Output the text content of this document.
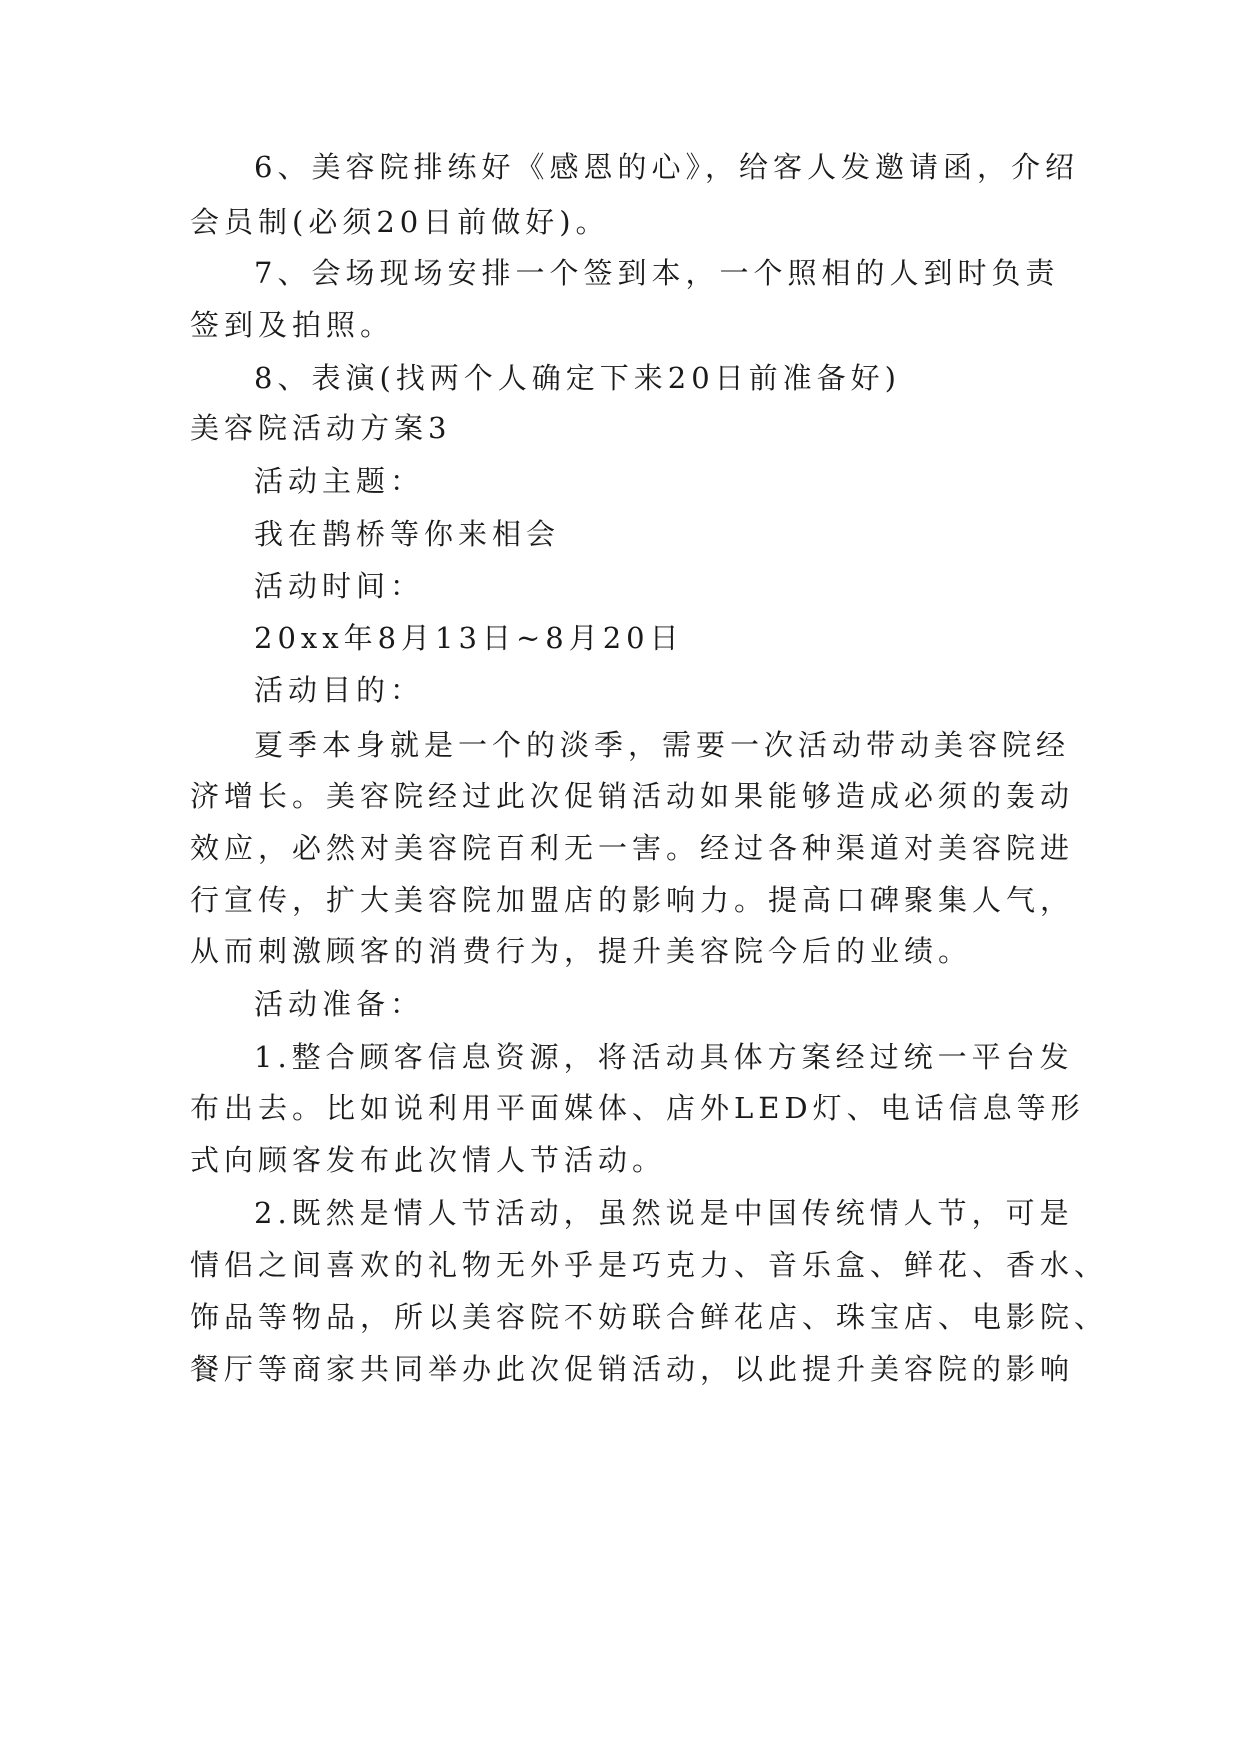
6、美容院排练好《感恩的心》，给客人发邀请函，介绍
会员制(必须20日前做好)。
7、会场现场安排一个签到本，一个照相的人到时负责
签到及拍照。
8、表演(找两个人确定下来20日前准备好)
美容院活动方案3
活动主题：
我在鹊桥等你来相会
活动时间：
20xx年8月13日~8月20日
活动目的：
夏季本身就是一个的淡季，需要一次活动带动美容院经
济增长。美容院经过此次促销活动如果能够造成必须的轰动
效应，必然对美容院百利无一害。经过各种渠道对美容院进
行宣传，扩大美容院加盟店的影响力。提高口碑聚集人气，
从而刺激顾客的消费行为，提升美容院今后的业绩。
活动准备：
1.整合顾客信息资源，将活动具体方案经过统一平台发
布出去。比如说利用平面媒体、店外LED灯、电话信息等形
式向顾客发布此次情人节活动。
2.既然是情人节活动，虽然说是中国传统情人节，可是
情侣之间喜欢的礼物无外乎是巧克力、音乐盒、鲜花、香水、
饰品等物品，所以美容院不妨联合鲜花店、珠宝店、电影院、
餐厅等商家共同举办此次促销活动，以此提升美容院的影响
